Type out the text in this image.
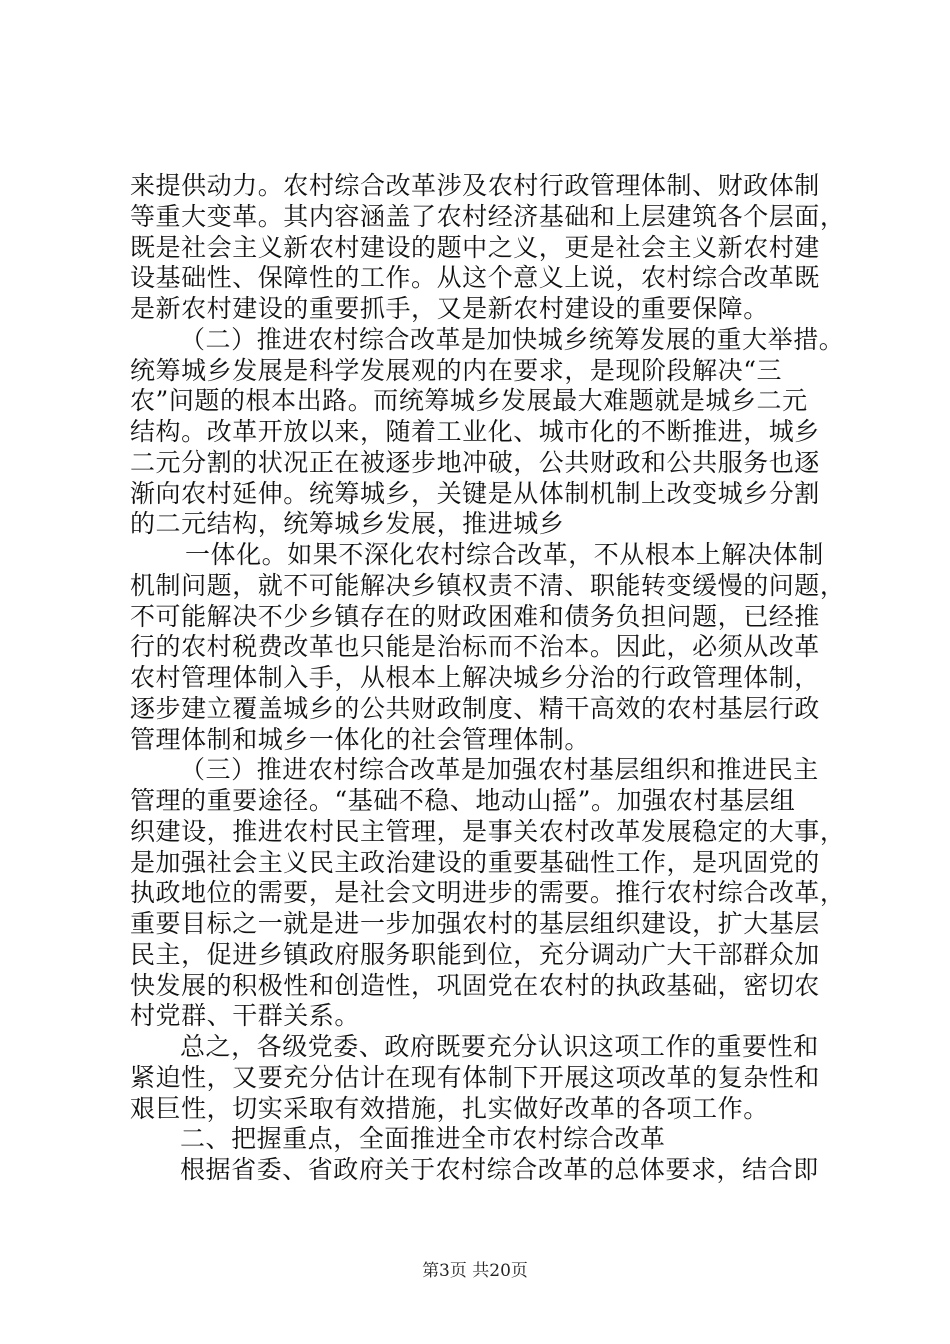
来提供动力。农村综合改革涉及农村行政管理体制、财政体制
等重大变革。其内容涵盖了农村经济基础和上层建筑各个层面，
既是社会主义新农村建设的题中之义，更是社会主义新农村建
设基础性、保障性的工作。从这个意义上说，农村综合改革既
是新农村建设的重要抓手，又是新农村建设的重要保障。
（二）推进农村综合改革是加快城乡统筹发展的重大举措。
统筹城乡发展是科学发展观的内在要求，是现阶段解决“三
农”问题的根本出路。而统筹城乡发展最大难题就是城乡二元
结构。改革开放以来，随着工业化、城市化的不断推进，城乡
二元分割的状况正在被逐步地冲破，公共财政和公共服务也逐
渐向农村延伸。统筹城乡，关键是从体制机制上改变城乡分割
的二元结构，统筹城乡发展，推进城乡
一体化。如果不深化农村综合改革，不从根本上解决体制
机制问题，就不可能解决乡镇权责不清、职能转变缓慢的问题，
不可能解决不少乡镇存在的财政困难和债务负担问题，已经推
行的农村税费改革也只能是治标而不治本。因此，必须从改革
农村管理体制入手，从根本上解决城乡分治的行政管理体制，
逐步建立覆盖城乡的公共财政制度、精干高效的农村基层行政
管理体制和城乡一体化的社会管理体制。
（三）推进农村综合改革是加强农村基层组织和推进民主
管理的重要途径。“基础不稳、地动山摇”。加强农村基层组
织建设，推进农村民主管理，是事关农村改革发展稳定的大事，
是加强社会主义民主政治建设的重要基础性工作，是巩固党的
执政地位的需要，是社会文明进步的需要。推行农村综合改革，
重要目标之一就是进一步加强农村的基层组织建设，扩大基层
民主，促进乡镇政府服务职能到位，充分调动广大干部群众加
快发展的积极性和创造性，巩固党在农村的执政基础，密切农
村党群、干群关系。
总之，各级党委、政府既要充分认识这项工作的重要性和
紧迫性，又要充分估计在现有体制下开展这项改革的复杂性和
艰巨性，切实采取有效措施，扎实做好改革的各项工作。
二、把握重点，全面推进全市农村综合改革
根据省委、省政府关于农村综合改革的总体要求，结合即
第3页 共20页
